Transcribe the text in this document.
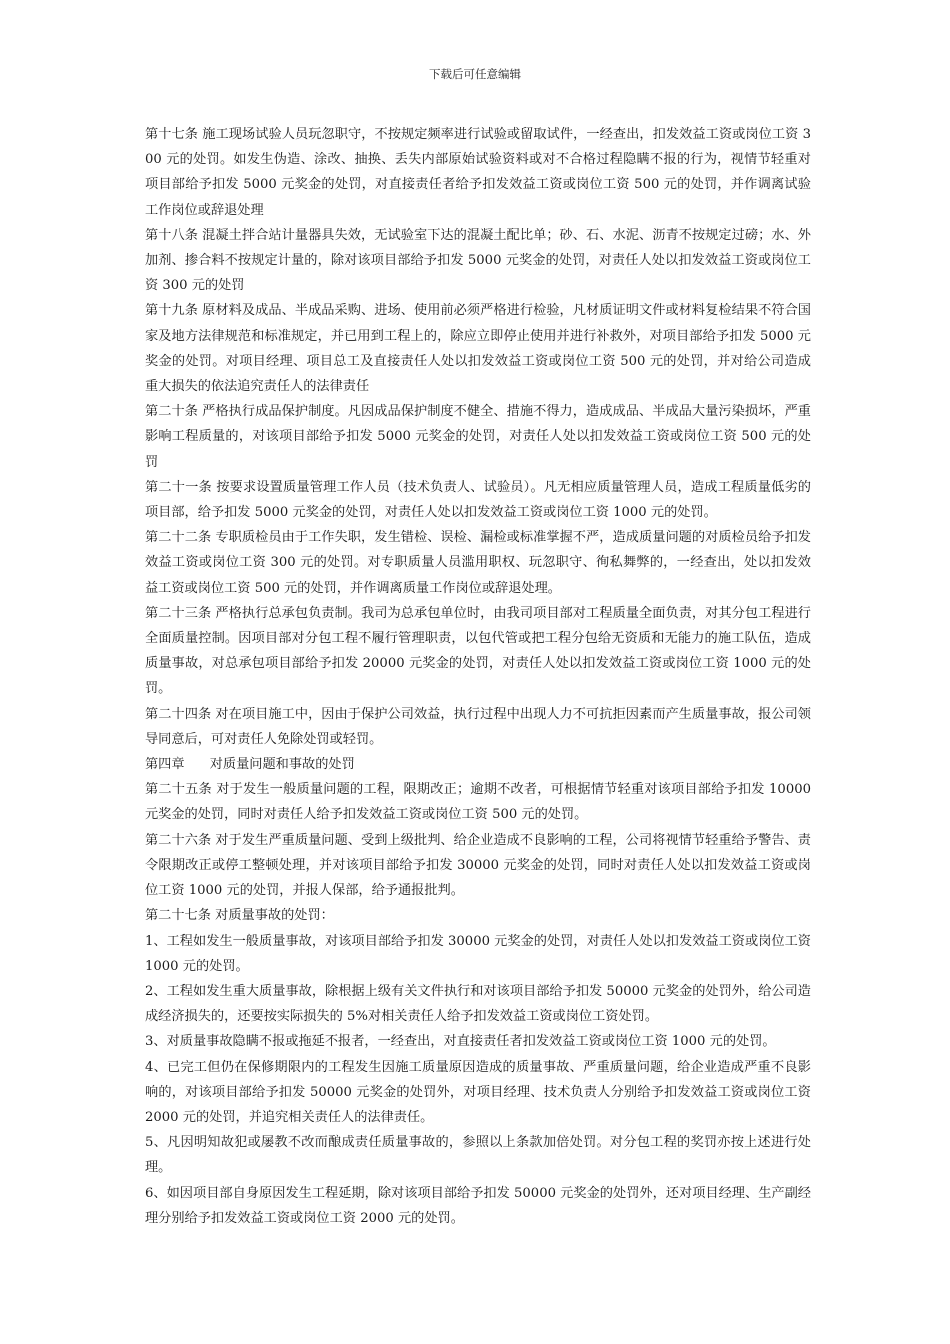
下载后可任意编辑

第十七条 施工现场试验人员玩忽职守，不按规定频率进行试验或留取试件，一经查出，扣发效益工资或岗位工资 300 元的处罚。如发生伪造、涂改、抽换、丢失内部原始试验资料或对不合格过程隐瞒不报的行为，视情节轻重对项目部给予扣发 5000 元奖金的处罚，对直接责任者给予扣发效益工资或岗位工资 500 元的处罚，并作调离试验工作岗位或辞退处理

第十八条 混凝土拌合站计量器具失效，无试验室下达的混凝土配比单；砂、石、水泥、沥青不按规定过磅；水、外加剂、掺合料不按规定计量的，除对该项目部给予扣发 5000 元奖金的处罚，对责任人处以扣发效益工资或岗位工资 300 元的处罚

第十九条 原材料及成品、半成品采购、进场、使用前必须严格进行检验，凡材质证明文件或材料复检结果不符合国家及地方法律规范和标准规定，并已用到工程上的，除应立即停止使用并进行补救外，对项目部给予扣发 5000 元奖金的处罚。对项目经理、项目总工及直接责任人处以扣发效益工资或岗位工资 500 元的处罚，并对给公司造成重大损失的依法追究责任人的法律责任

第二十条 严格执行成品保护制度。凡因成品保护制度不健全、措施不得力，造成成品、半成品大量污染损坏，严重影响工程质量的，对该项目部给予扣发 5000 元奖金的处罚，对责任人处以扣发效益工资或岗位工资 500 元的处罚

第二十一条 按要求设置质量管理工作人员（技术负责人、试验员）。凡无相应质量管理人员，造成工程质量低劣的项目部，给予扣发 5000 元奖金的处罚，对责任人处以扣发效益工资或岗位工资 1000 元的处罚。

第二十二条 专职质检员由于工作失职，发生错检、误检、漏检或标准掌握不严，造成质量问题的对质检员给予扣发效益工资或岗位工资 300 元的处罚。对专职质量人员滥用职权、玩忽职守、徇私舞弊的，一经查出，处以扣发效益工资或岗位工资 500 元的处罚，并作调离质量工作岗位或辞退处理。

第二十三条 严格执行总承包负责制。我司为总承包单位时，由我司项目部对工程质量全面负责，对其分包工程进行全面质量控制。因项目部对分包工程不履行管理职责，以包代管或把工程分包给无资质和无能力的施工队伍，造成质量事故，对总承包项目部给予扣发 20000 元奖金的处罚，对责任人处以扣发效益工资或岗位工资 1000 元的处罚。

第二十四条 对在项目施工中，因由于保护公司效益，执行过程中出现人力不可抗拒因素而产生质量事故，报公司领导同意后，可对责任人免除处罚或轻罚。

第四章      对质量问题和事故的处罚

第二十五条 对于发生一般质量问题的工程，限期改正；逾期不改者，可根据情节轻重对该项目部给予扣发 10000 元奖金的处罚，同时对责任人给予扣发效益工资或岗位工资 500 元的处罚。

第二十六条 对于发生严重质量问题、受到上级批判、给企业造成不良影响的工程，公司将视情节轻重给予警告、责令限期改正或停工整顿处理，并对该项目部给予扣发 30000 元奖金的处罚，同时对责任人处以扣发效益工资或岗位工资 1000 元的处罚，并报人保部，给予通报批判。

第二十七条 对质量事故的处罚：

1、工程如发生一般质量事故，对该项目部给予扣发 30000 元奖金的处罚，对责任人处以扣发效益工资或岗位工资 1000 元的处罚。

2、工程如发生重大质量事故，除根据上级有关文件执行和对该项目部给予扣发 50000 元奖金的处罚外，给公司造成经济损失的，还要按实际损失的 5%对相关责任人给予扣发效益工资或岗位工资处罚。

3、对质量事故隐瞒不报或拖延不报者，一经查出，对直接责任者扣发效益工资或岗位工资 1000 元的处罚。

4、已完工但仍在保修期限内的工程发生因施工质量原因造成的质量事故、严重质量问题，给企业造成严重不良影响的，对该项目部给予扣发 50000 元奖金的处罚外，对项目经理、技术负责人分别给予扣发效益工资或岗位工资 2000 元的处罚，并追究相关责任人的法律责任。

5、凡因明知故犯或屡教不改而酿成责任质量事故的，参照以上条款加倍处罚。对分包工程的奖罚亦按上述进行处理。

6、如因项目部自身原因发生工程延期，除对该项目部给予扣发 50000 元奖金的处罚外，还对项目经理、生产副经理分别给予扣发效益工资或岗位工资 2000 元的处罚。
